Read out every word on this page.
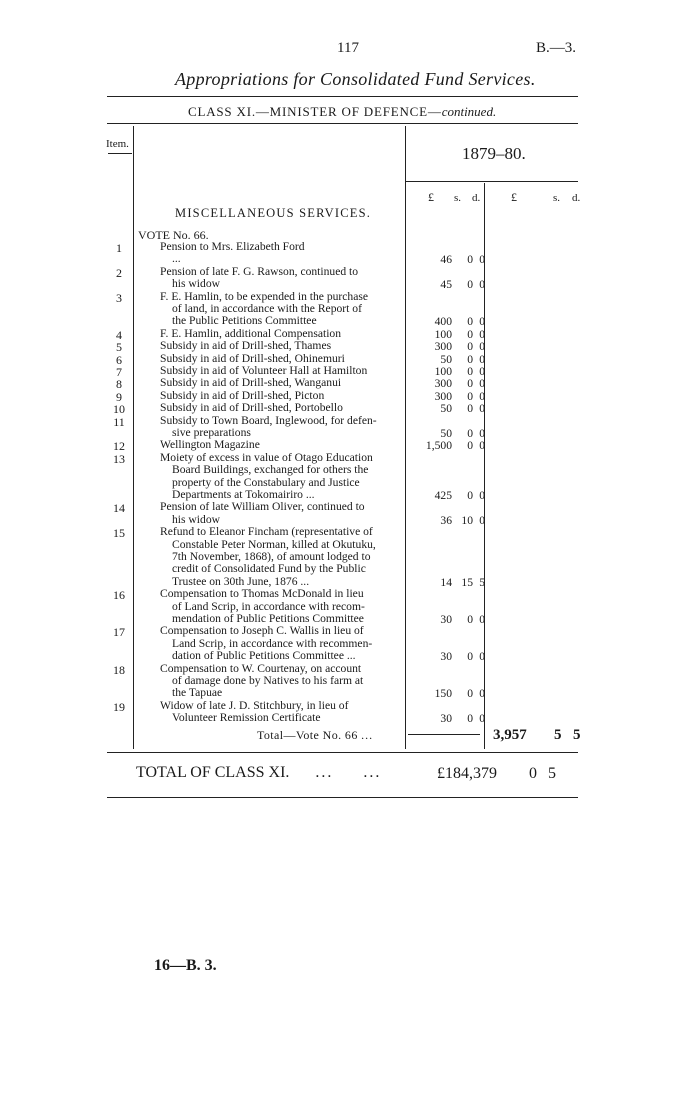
117	B.—3.
Appropriations for Consolidated Fund Services.
CLASS XI.—MINISTER OF DEFENCE—continued.
Item.	1879–80.
£ s. d.	£	s. d.
MISCELLANEOUS SERVICES.
VOTE No. 66.
1	Pension to Mrs. Elizabeth Ford
...	46 0 0
2	Pension of late F. G. Rawson, continued to
his widow	45 0 0
3	F. E. Hamlin, to be expended in the purchase
of land, in accordance with the Report of
the Public Petitions Committee	400 0 0
4	F. E. Hamlin, additional Compensation	100 0 0
5	Subsidy in aid of Drill-shed, Thames	300 0 0
6	Subsidy in aid of Drill-shed, Ohinemuri	50 0 0
7	Subsidy in aid of Volunteer Hall at Hamilton	100 0 0
8	Subsidy in aid of Drill-shed, Wanganui	300 0 0
9	Subsidy in aid of Drill-shed, Picton	300 0 0
10	Subsidy in aid of Drill-shed, Portobello	50 0 0
11	Subsidy to Town Board, Inglewood, for defen-
sive preparations	50 0 0
12	Wellington Magazine	1,500 0 0
13	Moiety of excess in value of Otago Education
Board Buildings, exchanged for others the
property of the Constabulary and Justice
Departments at Tokomairiro ...	425 0 0
14	Pension of late William Oliver, continued to
his widow	36 10 0
15	Refund to Eleanor Fincham (representative of
Constable Peter Norman, killed at Okutuku,
7th November, 1868), of amount lodged to
credit of Consolidated Fund by the Public
Trustee on 30th June, 1876 ...	14 15 5
16	Compensation to Thomas McDonald in lieu
of Land Scrip, in accordance with recom-
mendation of Public Petitions Committee	30 0 0
17	Compensation to Joseph C. Wallis in lieu of
Land Scrip, in accordance with recommen-
dation of Public Petitions Committee ...	30 0 0
18	Compensation to W. Courtenay, on account
of damage done by Natives to his farm at
the Tapuae	150 0 0
19	Widow of late J. D. Stitchbury, in lieu of
Volunteer Remission Certificate	30 0 0
Total—Vote No. 66 ...	3,957 5 5
TOTAL OF CLASS XI. ... ...	£184,379 0 5
16—B. 3.
